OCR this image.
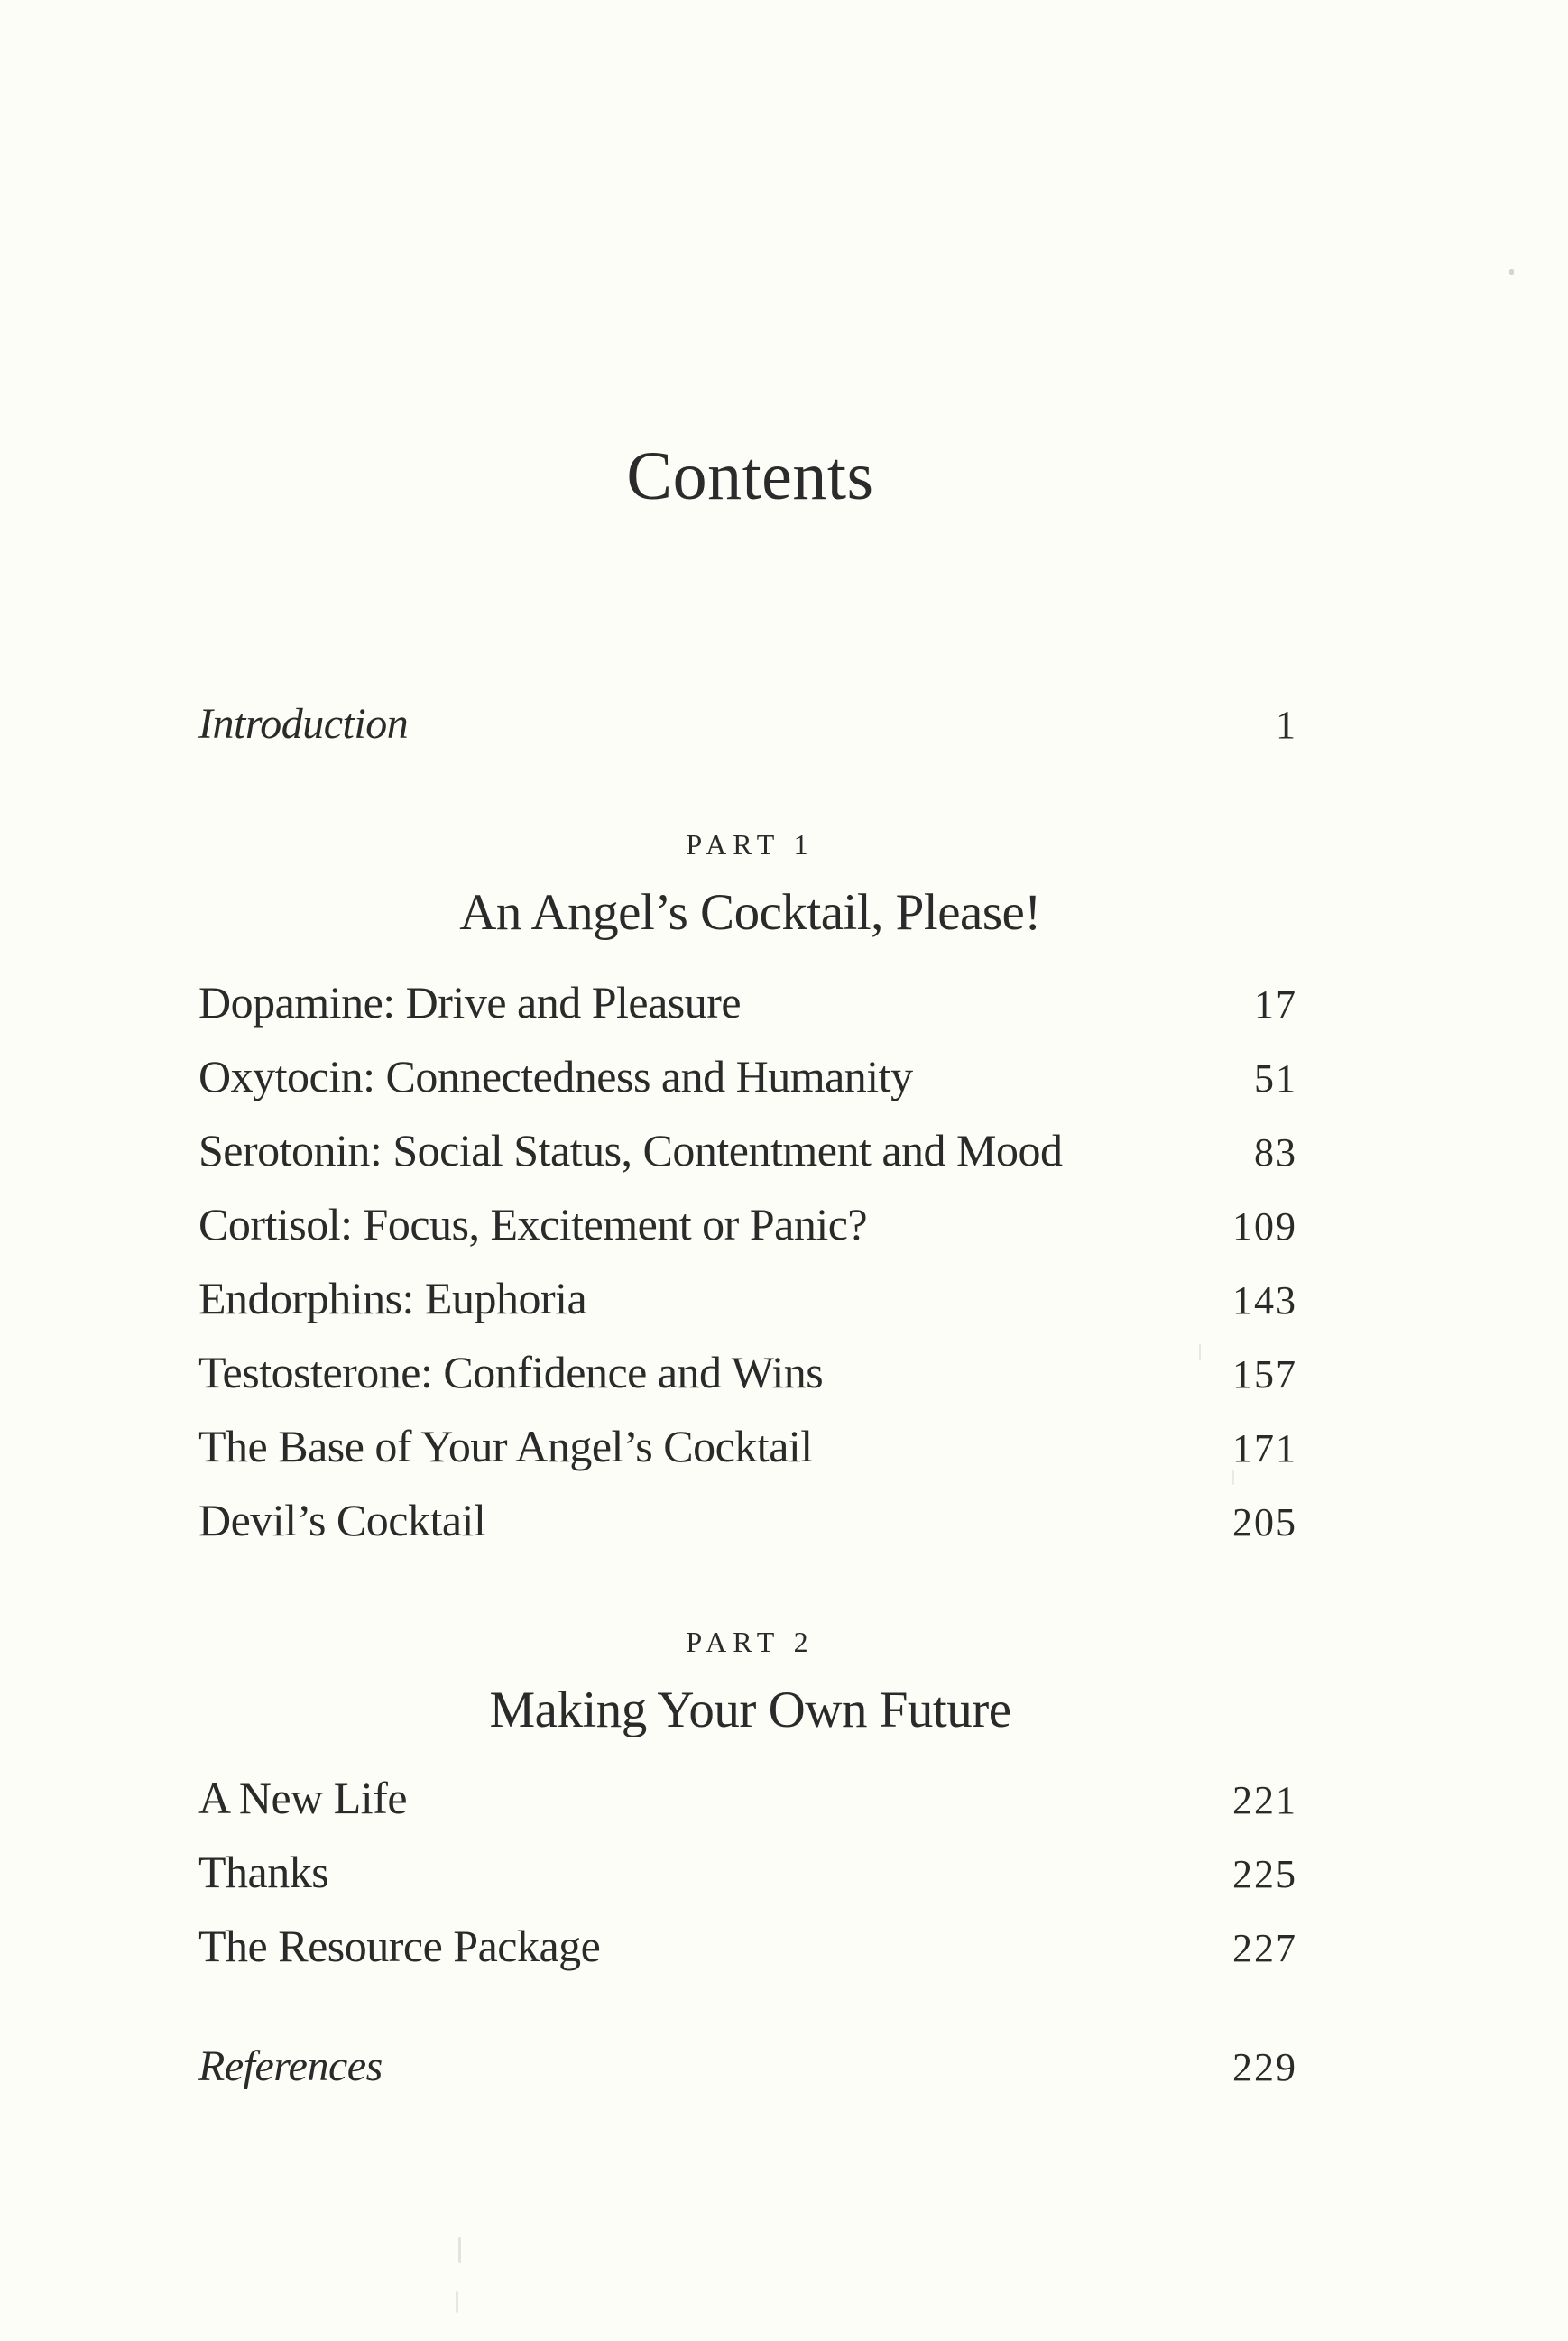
Contents
Introduction	1
PART 1
An Angel’s Cocktail, Please!
Dopamine: Drive and Pleasure	17
Oxytocin: Connectedness and Humanity	51
Serotonin: Social Status, Contentment and Mood	83
Cortisol: Focus, Excitement or Panic?	109
Endorphins: Euphoria	143
Testosterone: Confidence and Wins	157
The Base of Your Angel’s Cocktail	171
Devil’s Cocktail	205
PART 2
Making Your Own Future
A New Life	221
Thanks	225
The Resource Package	227
References	229
